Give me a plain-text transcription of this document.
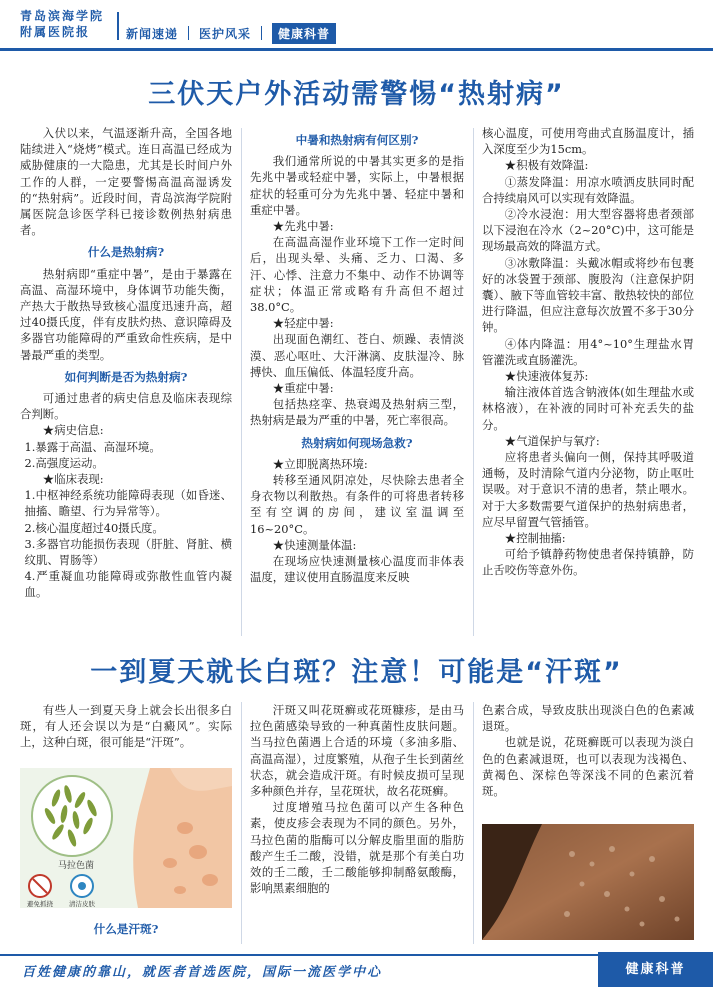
青岛滨海学院
附属医院报	新闻速递 医护风采	健康科普
三伏天户外活动需警惕“热射病”

入伏以来，气温逐渐升高，全国各地陆续进入“烧烤”模式。连日高温已经成为威胁健康的一大隐患，尤其是长时间户外工作的人群，一定要警惕高温高湿诱发的“热射病”。近段时间，青岛滨海学院附属医院急诊医学科已接诊数例热射病患者。

什么是热射病?

热射病即“重症中暑”，是由于暴露在高温、高湿环境中，身体调节功能失衡，产热大于散热导致核心温度迅速升高，超过40摄氏度，伴有皮肤灼热、意识障碍及多器官功能障碍的严重致命性疾病，是中暑最严重的类型。

如何判断是否为热射病?

可通过患者的病史信息及临床表现综合判断。

★病史信息:

1.暴露于高温、高湿环境。

2.高强度运动。

★临床表现:

1.中枢神经系统功能障碍表现（如昏迷、抽搐、瞻望、行为异常等）。

2.核心温度超过40摄氏度。

3.多器官功能损伤表现（肝脏、肾脏、横纹肌、胃肠等）

4.严重凝血功能障碍或弥散性血管内凝血。

中暑和热射病有何区别?

我们通常所说的中暑其实更多的是指先兆中暑或轻症中暑，实际上，中暑根据症状的轻重可分为先兆中暑、轻症中暑和重症中暑。

★先兆中暑:

在高温高湿作业环境下工作一定时间后，出现头晕、头痛、乏力、口渴、多汗、心悸、注意力不集中、动作不协调等症状；体温正常或略有升高但不超过38.0°C。

★轻症中暑:

出现面色潮红、苍白、烦躁、表情淡漠、恶心呕吐、大汗淋漓、皮肤湿冷、脉搏快、血压偏低、体温轻度升高。

★重症中暑:

包括热痉挛、热衰竭及热射病三型，热射病是最为严重的中暑，死亡率很高。

热射病如何现场急救?

★立即脱离热环境:

转移至通风阴凉处，尽快除去患者全身衣物以利散热。有条件的可将患者转移至有空调的房间，建议室温调至16~20°C。

★快速测量体温:

在现场应快速测量核心温度而非体表温度，建议使用直肠温度来反映

核心温度，可使用弯曲式直肠温度计，插入深度至少为15cm。

★积极有效降温:

①蒸发降温：用凉水喷洒皮肤同时配合持续扇风可以实现有效降温。

②冷水浸泡：用大型容器将患者颈部以下浸泡在冷水（2~20°C)中，这可能是现场最高效的降温方式。

③冰敷降温：头戴冰帽或将纱布包裹好的冰袋置于颈部、腹股沟（注意保护阴囊）、腋下等血管较丰富、散热较快的部位进行降温，但应注意每次放置不多于30分钟。

④体内降温：用4°~10°生理盐水胃管灌洗或直肠灌洗。

★快速液体复苏:

输注液体首选含钠液体(如生理盐水或林格液），在补液的同时可补充丢失的盐分。

★气道保护与氧疗:

应将患者头偏向一侧，保持其呼吸道通畅，及时清除气道内分泌物，防止呕吐误吸。对于意识不清的患者，禁止喂水。对于大多数需要气道保护的热射病患者，应尽早留置气管插管。

★控制抽搐:

可给予镇静药物使患者保持镇静，防止舌咬伤等意外伤。

一到夏天就长白斑？注意！可能是“汗斑”

有些人一到夏天身上就会长出很多白斑，有人还会误以为是“白癜风”。实际上，这种白斑，很可能是“汗斑”。

马拉色菌
避免抓挠	清洁皮肤
什么是汗斑?

汗斑又叫花斑癣或花斑糠疹，是由马拉色菌感染导致的一种真菌性皮肤问题。当马拉色菌遇上合适的环境（多油多脂、高温高湿），过度繁殖，从孢子生长到菌丝状态，就会造成汗斑。有时候皮损可呈现多种颜色并存，呈花斑状，故名花斑癣。

过度增殖马拉色菌可以产生各种色素，使皮疹会表现为不同的颜色。另外，马拉色菌的脂酶可以分解皮脂里面的脂肪酸产生壬二酸，没错，就是那个有美白功效的壬二酸，壬二酸能够抑制酪氨酸酶，影响黑素细胞的

色素合成，导致皮肤出现淡白色的色素减退斑。

也就是说，花斑癣既可以表现为淡白色的色素减退斑，也可以表现为浅褐色、黄褐色、深棕色等深浅不同的色素沉着斑。

百姓健康的靠山，就医者首选医院，国际一流医学中心	健康科普
